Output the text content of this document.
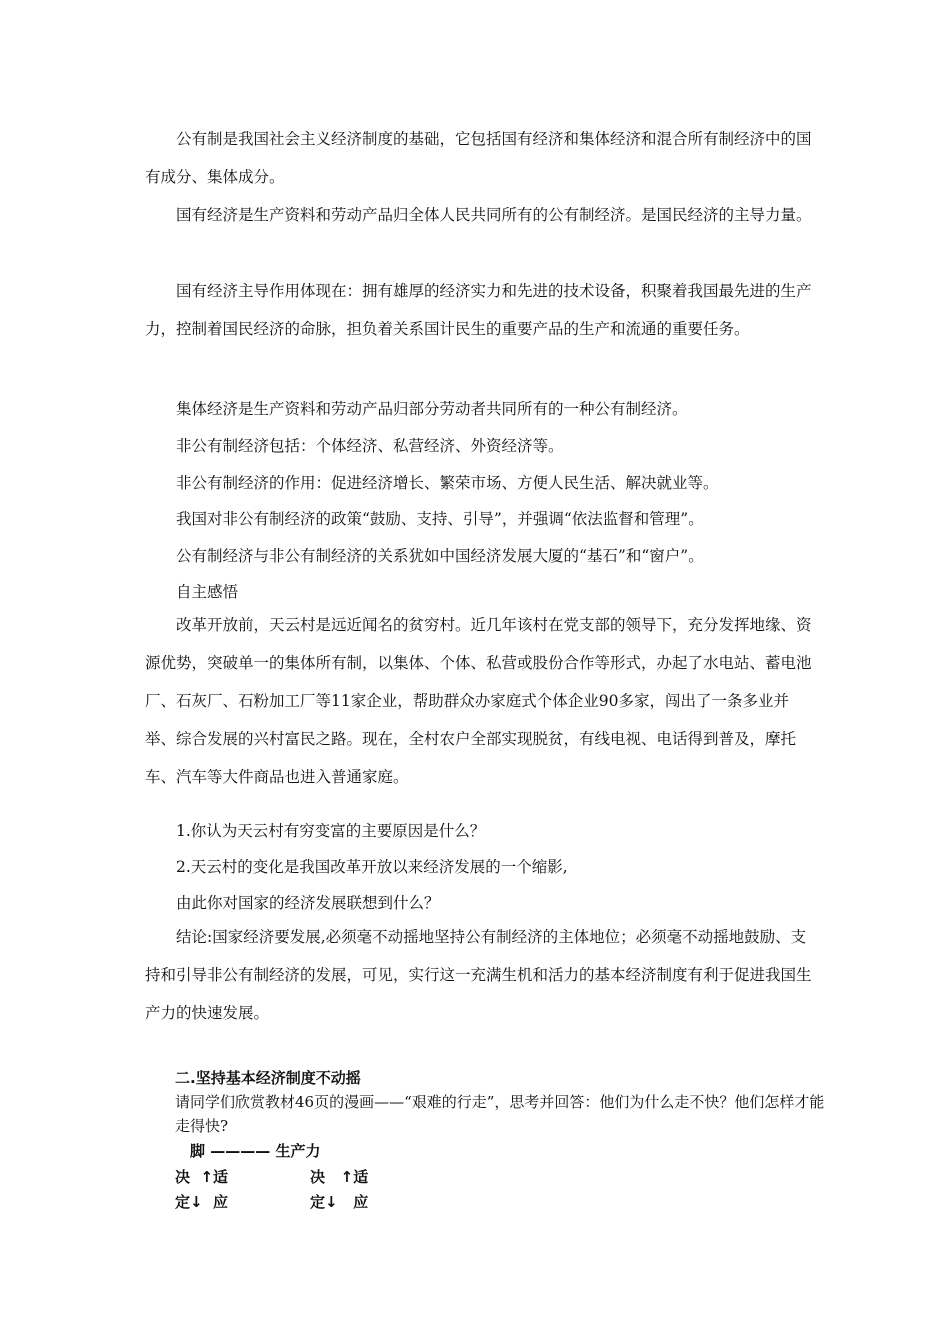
公有制是我国社会主义经济制度的基础，它包括国有经济和集体经济和混合所有制经济中的国有成分、集体成分。
国有经济是生产资料和劳动产品归全体人民共同所有的公有制经济。是国民经济的主导力量。
国有经济主导作用体现在：拥有雄厚的经济实力和先进的技术设备，积聚着我国最先进的生产力，控制着国民经济的命脉，担负着关系国计民生的重要产品的生产和流通的重要任务。
集体经济是生产资料和劳动产品归部分劳动者共同所有的一种公有制经济。
非公有制经济包括：个体经济、私营经济、外资经济等。
非公有制经济的作用：促进经济增长、繁荣市场、方便人民生活、解决就业等。
我国对非公有制经济的政策“鼓励、支持、引导”，并强调“依法监督和管理”。
公有制经济与非公有制经济的关系犹如中国经济发展大厦的“基石”和“窗户”。
自主感悟
改革开放前，天云村是远近闻名的贫穷村。近几年该村在党支部的领导下，充分发挥地缘、资源优势，突破单一的集体所有制，以集体、个体、私营或股份合作等形式，办起了水电站、蓄电池厂、石灰厂、石粉加工厂等11家企业，帮助群众办家庭式个体企业90多家，闯出了一条多业并举、综合发展的兴村富民之路。现在，全村农户全部实现脱贫，有线电视、电话得到普及，摩托车、汽车等大件商品也进入普通家庭。
1.你认为天云村有穷变富的主要原因是什么？
2.天云村的变化是我国改革开放以来经济发展的一个缩影,
由此你对国家的经济发展联想到什么？
结论:国家经济要发展,必须毫不动摇地坚持公有制经济的主体地位；必须毫不动摇地鼓励、支持和引导非公有制经济的发展，可见，实行这一充满生机和活力的基本经济制度有利于促进我国生产力的快速发展。
二.坚持基本经济制度不动摇
请同学们欣赏教材46页的漫画——“艰难的行走”，思考并回答：他们为什么走不快？他们怎样才能走得快?
脚 ———— 生产力
决  ↑适	决   ↑适
定↓  应	定↓   应
